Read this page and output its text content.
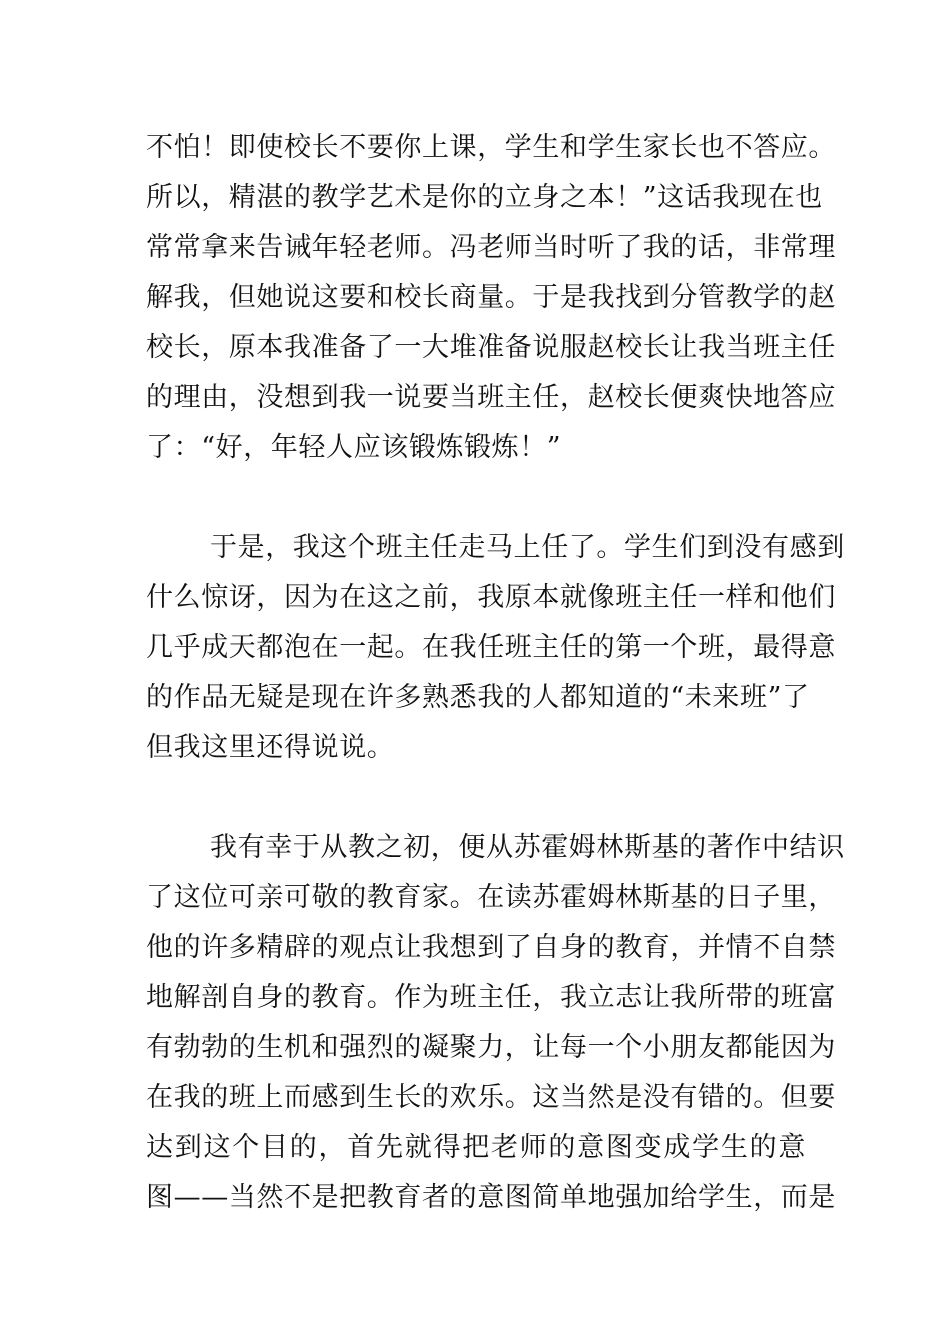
不怕！即使校长不要你上课，学生和学生家长也不答应。
所以，精湛的教学艺术是你的立身之本！”这话我现在也
常常拿来告诫年轻老师。冯老师当时听了我的话，非常理
解我，但她说这要和校长商量。于是我找到分管教学的赵
校长，原本我准备了一大堆准备说服赵校长让我当班主任
的理由，没想到我一说要当班主任，赵校长便爽快地答应
了：“好，年轻人应该锻炼锻炼！”
于是，我这个班主任走马上任了。学生们到没有感到
什么惊讶，因为在这之前，我原本就像班主任一样和他们
几乎成天都泡在一起。在我任班主任的第一个班，最得意
的作品无疑是现在许多熟悉我的人都知道的“未来班”了
但我这里还得说说。
我有幸于从教之初，便从苏霍姆林斯基的著作中结识
了这位可亲可敬的教育家。在读苏霍姆林斯基的日子里，
他的许多精辟的观点让我想到了自身的教育，并情不自禁
地解剖自身的教育。作为班主任，我立志让我所带的班富
有勃勃的生机和强烈的凝聚力，让每一个小朋友都能因为
在我的班上而感到生长的欢乐。这当然是没有错的。但要
达到这个目的，首先就得把老师的意图变成学生的意
图——当然不是把教育者的意图简单地强加给学生，而是
